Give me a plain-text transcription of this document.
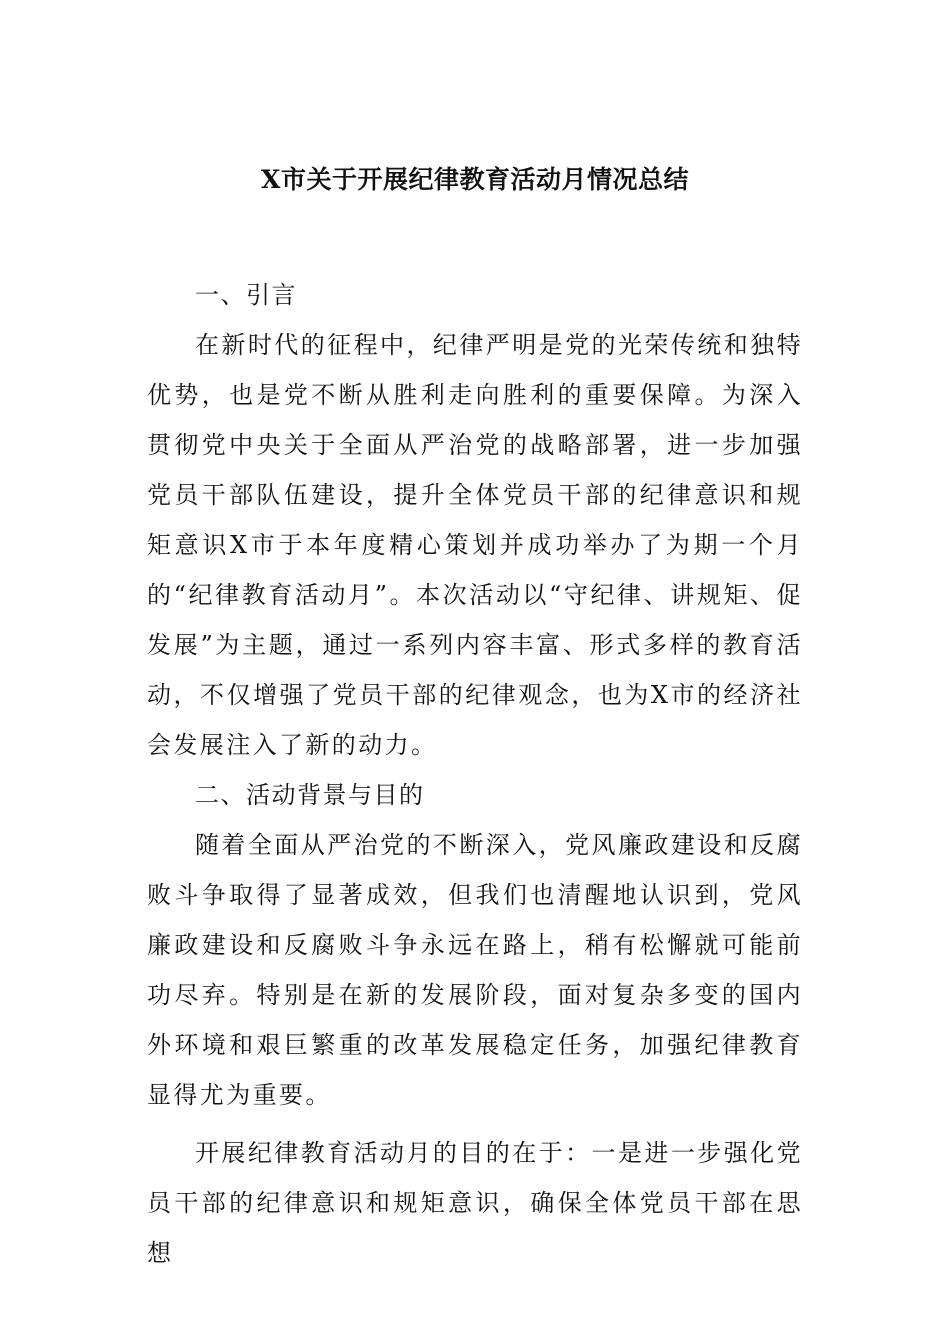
X市关于开展纪律教育活动月情况总结

一、引言

在新时代的征程中，纪律严明是党的光荣传统和独特优势，也是党不断从胜利走向胜利的重要保障。为深入贯彻党中央关于全面从严治党的战略部署，进一步加强党员干部队伍建设，提升全体党员干部的纪律意识和规矩意识X市于本年度精心策划并成功举办了为期一个月的“纪律教育活动月”。本次活动以“守纪律、讲规矩、促发展”为主题，通过一系列内容丰富、形式多样的教育活动，不仅增强了党员干部的纪律观念，也为X市的经济社会发展注入了新的动力。

二、活动背景与目的

随着全面从严治党的不断深入，党风廉政建设和反腐败斗争取得了显著成效，但我们也清醒地认识到，党风廉政建设和反腐败斗争永远在路上，稍有松懈就可能前功尽弃。特别是在新的发展阶段，面对复杂多变的国内外环境和艰巨繁重的改革发展稳定任务，加强纪律教育显得尤为重要。

开展纪律教育活动月的目的在于：一是进一步强化党员干部的纪律意识和规矩意识，确保全体党员干部在思想
